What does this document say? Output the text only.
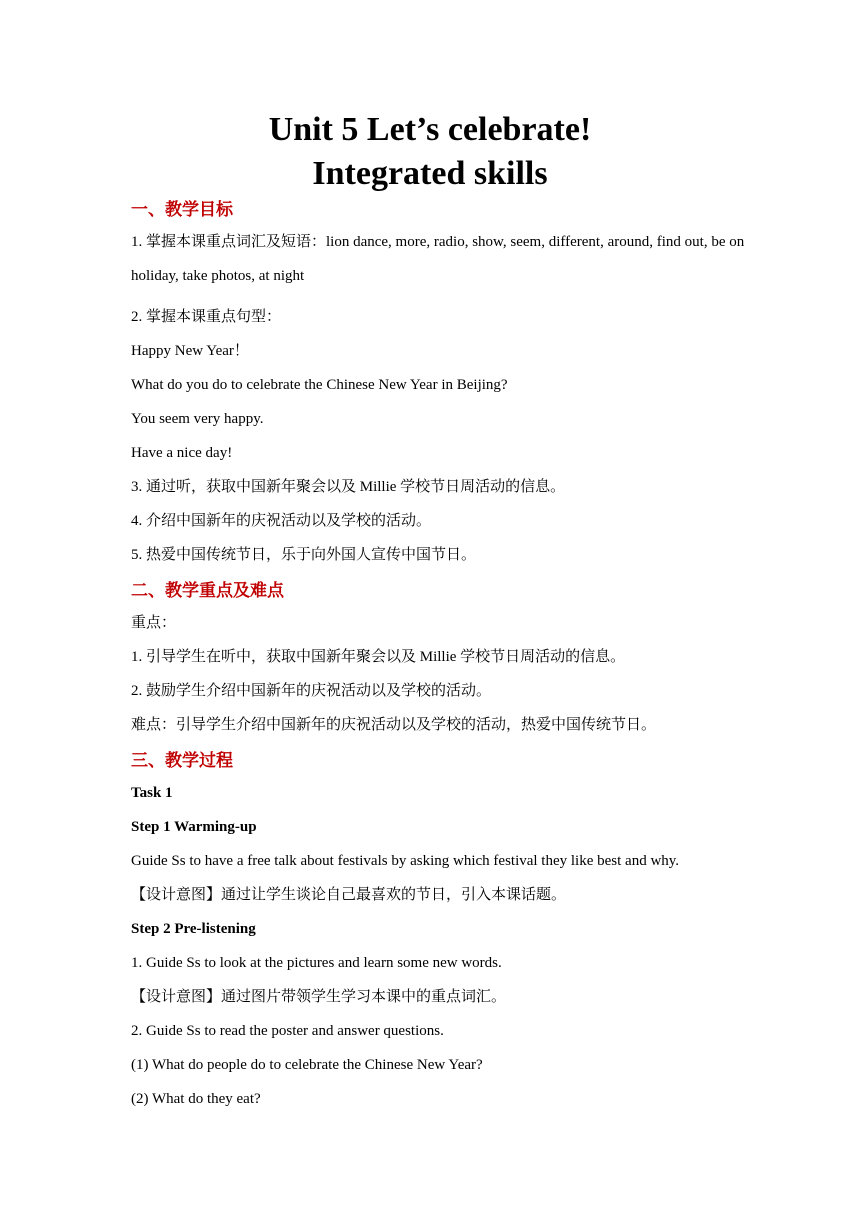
Unit 5 Let’s celebrate!
Integrated skills
一、教学目标
1. 掌握本课重点词汇及短语：lion dance, more, radio, show, seem, different, around, find out, be on holiday, take photos, at night
2. 掌握本课重点句型：
Happy New Year！
What do you do to celebrate the Chinese New Year in Beijing?
You seem very happy.
Have a nice day!
3. 通过听，获取中国新年聚会以及 Millie 学校节日周活动的信息。
4. 介绍中国新年的庆祝活动以及学校的活动。
5. 热爱中国传统节日，乐于向外国人宣传中国节日。
二、教学重点及难点
重点：
1. 引导学生在听中，获取中国新年聚会以及 Millie 学校节日周活动的信息。
2. 鼓励学生介绍中国新年的庆祝活动以及学校的活动。
难点：引导学生介绍中国新年的庆祝活动以及学校的活动，热爱中国传统节日。
三、教学过程
Task 1
Step 1 Warming-up
Guide Ss to have a free talk about festivals by asking which festival they like best and why.
【设计意图】通过让学生谈论自己最喜欢的节日，引入本课话题。
Step 2 Pre-listening
1. Guide Ss to look at the pictures and learn some new words.
【设计意图】通过图片带领学生学习本课中的重点词汇。
2. Guide Ss to read the poster and answer questions.
(1) What do people do to celebrate the Chinese New Year?
(2) What do they eat?
